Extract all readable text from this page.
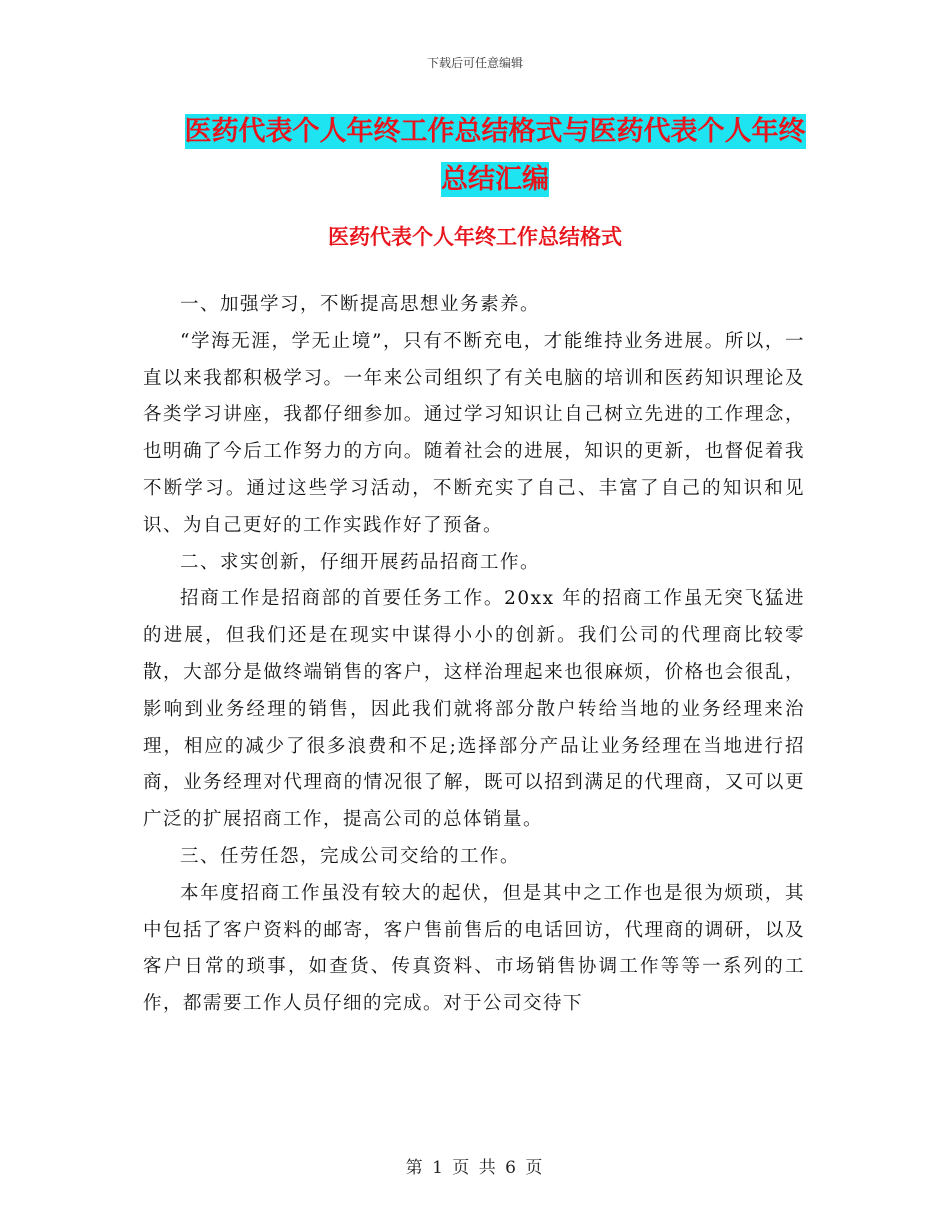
下载后可任意编辑
医药代表个人年终工作总结格式与医药代表个人年终
总结汇编
医药代表个人年终工作总结格式

一、加强学习，不断提高思想业务素养。

“学海无涯，学无止境”，只有不断充电，才能维持业务进展。所以，一直以来我都积极学习。一年来公司组织了有关电脑的培训和医药知识理论及各类学习讲座，我都仔细参加。通过学习知识让自己树立先进的工作理念，也明确了今后工作努力的方向。随着社会的进展，知识的更新，也督促着我不断学习。通过这些学习活动，不断充实了自己、丰富了自己的知识和见识、为自己更好的工作实践作好了预备。

二、求实创新，仔细开展药品招商工作。

招商工作是招商部的首要任务工作。20xx 年的招商工作虽无突飞猛进的进展，但我们还是在现实中谋得小小的创新。我们公司的代理商比较零散，大部分是做终端销售的客户，这样治理起来也很麻烦，价格也会很乱，影响到业务经理的销售，因此我们就将部分散户转给当地的业务经理来治理，相应的减少了很多浪费和不足;选择部分产品让业务经理在当地进行招商，业务经理对代理商的情况很了解，既可以招到满足的代理商，又可以更广泛的扩展招商工作，提高公司的总体销量。

三、任劳任怨，完成公司交给的工作。

本年度招商工作虽没有较大的起伏，但是其中之工作也是很为烦琐，其中包括了客户资料的邮寄，客户售前售后的电话回访，代理商的调研，以及客户日常的琐事，如查货、传真资料、市场销售协调工作等等一系列的工作，都需要工作人员仔细的完成。对于公司交待下

第 1 页 共 6 页
